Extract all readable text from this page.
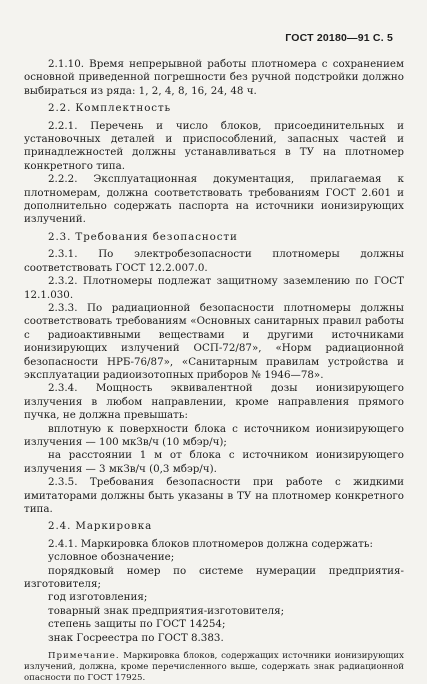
ГОСТ 20180—91 С. 5

2.1.10. Время непрерывной работы плотномера с сохранением основной приведенной погрешности без ручной подстройки должно выбираться из ряда: 1, 2, 4, 8, 16, 24, 48 ч.

2.2. Комплектность

2.2.1. Перечень и число блоков, присоединительных и установочных деталей и приспособлений, запасных частей и принадлежностей должны устанавливаться в ТУ на плотномер конкретного типа.

2.2.2. Эксплуатационная документация, прилагаемая к плотномерам, должна соответствовать требованиям ГОСТ 2.601 и дополнительно содержать паспорта на источники ионизирующих излучений.

2.3. Требования безопасности

2.3.1. По электробезопасности плотномеры должны соответствовать ГОСТ 12.2.007.0.

2.3.2. Плотномеры подлежат защитному заземлению по ГОСТ 12.1.030.

2.3.3. По радиационной безопасности плотномеры должны соответствовать требованиям «Основных санитарных правил работы с радиоактивными веществами и другими источниками ионизирующих излучений ОСП-72/87», «Норм радиационной безопасности НРБ-76/87», «Санитарным правилам устройства и эксплуатации радиоизотопных приборов № 1946—78».

2.3.4. Мощность эквивалентной дозы ионизирующего излучения в любом направлении, кроме направления прямого пучка, не должна превышать:

вплотную к поверхности блока с источником ионизирующего излучения — 100 мкЗв/ч (10 мбэр/ч);

на расстоянии 1 м от блока с источником ионизирующего излучения — 3 мкЗв/ч (0,3 мбэр/ч).

2.3.5. Требования безопасности при работе с жидкими имитаторами должны быть указаны в ТУ на плотномер конкретного типа.

2.4. Маркировка

2.4.1. Маркировка блоков плотномеров должна содержать:

условное обозначение;

порядковый номер по системе нумерации предприятия-изготовителя;

год изготовления;

товарный знак предприятия-изготовителя;

степень защиты по ГОСТ 14254;

знак Госреестра по ГОСТ 8.383.

Примечание. Маркировка блоков, содержащих источники ионизирующих излучений, должна, кроме перечисленного выше, содержать знак радиационной опасности по ГОСТ 17925.
